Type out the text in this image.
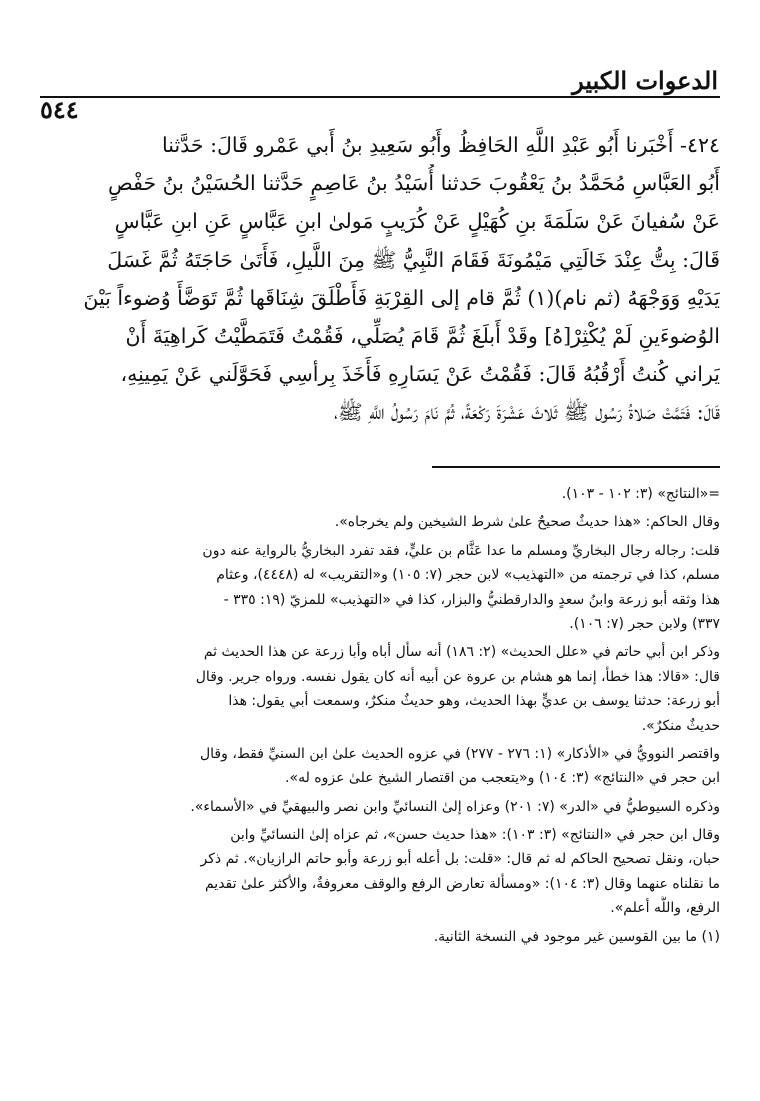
الدعوات الكبير
٥٤٤
٤٢٤- أَخْبَرنا أَبُو عَبْدِ اللَّهِ الحَافِظُ وأَبُو سَعِيدِ بنُ أَبي عَمْرو قَالَ: حَدَّثنا
أَبُو العَبَّاسِ مُحَمَّدُ بنُ يَعْقُوبَ حَدثنا أُسَيْدُ بنُ عَاصِمٍ حَدَّثنا الحُسَيْنُ بنُ حَفْصٍ
عَنْ سُفيانَ عَنْ سَلَمَةَ بنِ كُهَيْلٍ عَنْ كُرَيبٍ مَولىٰ ابنِ عَبَّاسٍ عَنِ ابنِ عَبَّاسٍ
قَالَ: بِتُّ عِنْدَ خَالَتِي مَيْمُونَةَ فَقَامَ النَّبِيُّ ﷺ مِنَ اللَّيلِ، فَأَتَىٰ حَاجَتَهُ ثُمَّ غَسَلَ
يَدَيْهِ وَوَجْهَهُ (ثم نام)(١) ثُمَّ قام إلى القِرْبَةِ فَأَطْلَقَ شِنَاقَها ثُمَّ تَوَضَّأَ وُضوءاً بَيْنَ
الوُضوءَينِ لَمْ يُكْثِرْ[هُ] وقَدْ أَبلَغَ ثُمَّ قَامَ يُصَلِّي، فَقُمْتُ فَتَمَطَّيْتُ كَراهِيَةَ أَنْ
يَراني كُنتُ أَرْقُبُهُ قَالَ: فَقُمْتُ عَنْ يَسَارِهِ فَأَخَذَ بِرأسِي فَحَوَّلَني عَنْ يَمِينِهِ،
قَالَ: فَتَمَّتْ صَلاةُ رَسُول ﷺ ثَلاثَ عَشْرَةَ رَكْعَةً، ثُمَّ نَامَ رَسُولُ اللَّهِ ﷺ،
=«النتائج» (٣: ١٠٢ - ١٠٣).
وقال الحاكم: «هذا حديثٌ صحيحٌ علىٰ شرط الشيخين ولم يخرجاه».
قلت: رجاله رجال البخاريِّ ومسلم ما عدا عَثَّام بن عليٍّ، فقد تفرد البخاريُّ بالرواية عنه دون
مسلم، كذا في ترجمته من «التهذيب» لابن حجر (٧: ١٠٥) و«التقريب» له (٤٤٤٨)، وعثام
هذا وثقه أبو زرعة وابنُ سعدٍ والدارقطنيُّ والبزار، كذا في «التهذيب» للمزيّ (١٩: ٣٣٥ -
٣٣٧) ولابن حجر (٧: ١٠٦).
وذكر ابن أبي حاتم في «علل الحديث» (٢: ١٨٦) أنه سأل أباه وأبا زرعة عن هذا الحديث ثم
قال: «قالا: هذا خطأ، إنما هو هشام بن عروة عن أبيه أنه كان يقول نفسه. ورواه جرير. وقال
أبو زرعة: حدثنا يوسف بن عديٍّ بهذا الحديث، وهو حديثٌ منكرٌ، وسمعت أبي يقول: هذا
حديثٌ منكرٌ».
واقتصر النوويُّ في «الأذكار» (١: ٢٧٦ - ٢٧٧) في عزوه الحديث علىٰ ابن السنيِّ فقط، وقال
ابن حجر في «النتائج» (٣: ١٠٤) و«يتعجب من اقتصار الشيخ علىٰ عزوه له».
وذكره السيوطيُّ في «الدر» (٧: ٢٠١) وعزاه إلىٰ النسائيِّ وابن نصر والبيهقيِّ في «الأسماء».
وقال ابن حجر في «النتائج» (٣: ١٠٣): «هذا حديث حسن»، ثم عزاه إلىٰ النسائيِّ وابن
حبان، ونقل تصحيح الحاكم له ثم قال: «قلت: بل أعله أبو زرعة وأبو حاتم الرازيان». ثم ذكر
ما نقلناه عنهما وقال (٣: ١٠٤): «ومسألة تعارض الرفع والوقف معروفةٌ، والأكثر علىٰ تقديم
الرفع، واللَّه أعلم».
(١) ما بين القوسين غير موجود في النسخة الثانية.
